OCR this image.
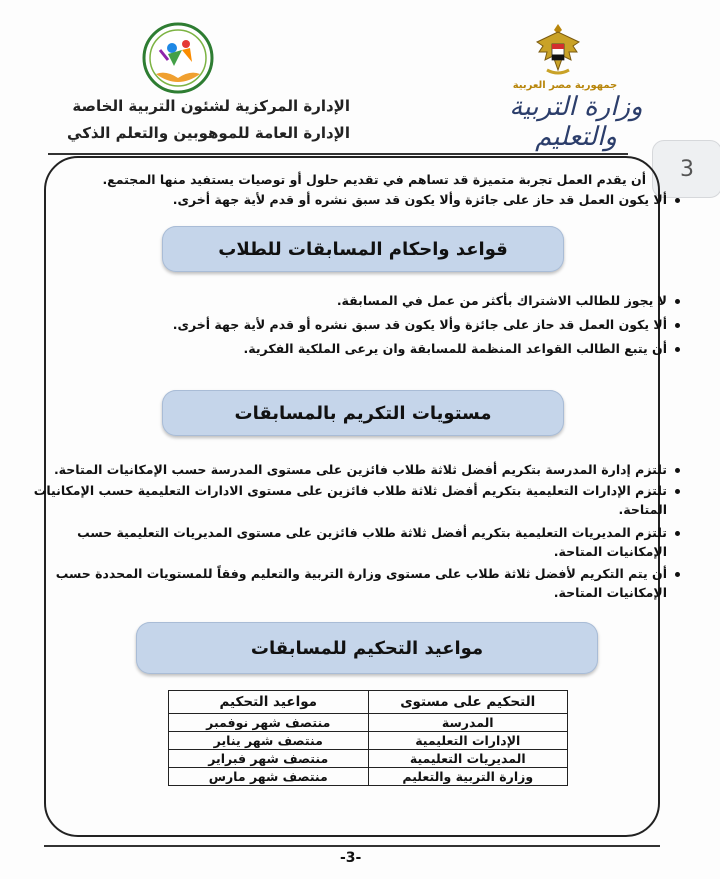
جمهورية مصر العربية
وزارة التربية والتعليم
الإدارة المركزية لشئون التربية الخاصة
الإدارة العامة للموهوبين والتعلم الذكي
3
أن يقدم العمل تجربة متميزة قد تساهم في تقديم حلول أو توصيات يستفيد منها المجتمع.
ألا يكون العمل قد حاز على جائزة وألا يكون قد سبق نشره أو قدم لأية جهة أخرى.
قواعد واحكام المسابقات للطلاب
لا يجوز للطالب الاشتراك بأكثر من عمل في المسابقة.
ألا يكون العمل قد حاز على جائزة وألا يكون قد سبق نشره أو قدم لأية جهة أخرى.
أن يتبع الطالب القواعد المنظمة للمسابقة وان يرعى الملكية الفكرية.
مستويات التكريم بالمسابقات
تلتزم إدارة المدرسة بتكريم أفضل ثلاثة طلاب فائزين على مستوى المدرسة حسب الإمكانيات المتاحة.
تلتزم الإدارات التعليمية بتكريم أفضل ثلاثة طلاب فائزين على مستوى الادارات التعليمية حسب الإمكانيات
المتاحة.
تلتزم المديريات التعليمية بتكريم أفضل ثلاثة طلاب فائزين على مستوى المديريات التعليمية حسب
الإمكانيات المتاحة.
أن يتم التكريم لأفضل ثلاثة طلاب على مستوى وزارة التربية والتعليم وفقاً للمستويات المحددة حسب
الإمكانيات المتاحة.
مواعيد التحكيم للمسابقات
التحكيم على مستوى	مواعيد التحكيم
المدرسة	منتصف شهر نوفمبر
الإدارات التعليمية	منتصف شهر يناير
المديريات التعليمية	منتصف شهر فبراير
وزارة التربية والتعليم	منتصف شهر مارس
-3-
